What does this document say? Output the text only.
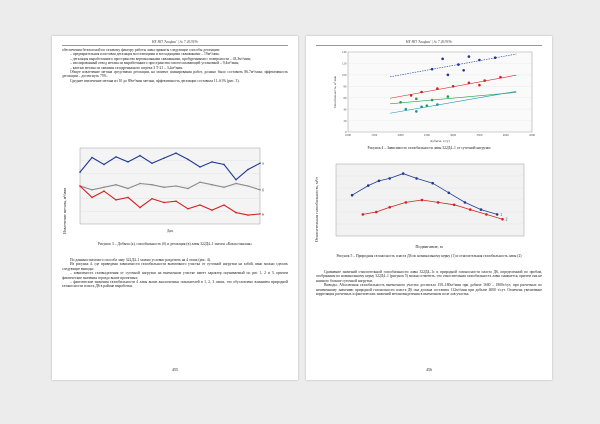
НХ НП 'Алифан' | № 7 2019/9с

обеспечения безопасной по газовому фактору работы лавы приняты следующие способы дегазации:

– предварительная пластовая дегазация восстающими и восходящими скважинами – 19м³/мин;

– дегазация выработанного пространства вертикальными скважинами, пробуренными с поверхности – 43,3м³/мин;

– изолированный отвод метана из выработанного пространства газоотсасывающей установкой – 9,4м³/мин;

– каптаж метана из скважин газодренажного штрека 3 Т-21 – 3,4м³/мин.

Общее извлечение метана средствами дегазации, на момент планирования работ, должно было составить 86,7м³/мин; эффективность дегазации – достигнуть 75%.

Среднее извлечение метана из 10 до 89м³/мин метана, эффективность дегазации составила 11–61% (рис. 3).

Извлечение метана, м³/мин
а
б
в
Дни
Рисунок 3 – Добыча (а), газообильность (б) и дегазация (в) лавы 322Д4–1 шахты «Казахстанская»

По данным шахтного способа лаву 322Д4–1 можно условно разделить на 4 этапа (рис. 4).

Из рисунка 4, где приведены зависимости газообильности выемочного участка от суточной нагрузки на забой, явно можно сделать следующие выводы:

– зависимость газовыделения от суточной нагрузки на выемочном участке имеет характер оцениваемый по рис 1, 2 и 3, причем фактические значения гораздо выше проектных;

– фактические значения газообильности 4 лавы выше аналогичных показателей в 1, 2, 3 лавах, что обусловлено влиянием природной газоносности пласта Д6 в районе выработки.

455
НХ НП 'Алифан' | № 7 2019/9с
0
20
40
60
80
100
120
140
1000	1500	2000	2500	3000	3500	4000	4500
Газообильность, м³/мин
Добыча, т/сут
Рисунок 4 – Зависимость газообильности лавы 322Д4–1 от суточной нагрузки
Относительная газообильность, м³/т	1
2
Подвигание, м
Рисунок 5 – Природная газоносность пласта Д6 по номинальному керну (1) и относительная газообильность лавы (2)

Сравнение значений относительной газообильности лавы 322Д4–1с и природной газоносности пласта Д6, определенной по пробам, отобранным по номинальному керну 322Д4–1 (рисунок 5) можно отметить, что относительная газообильность лавы снижается, причем она не намного больше суточной нагрузки.

Выводы. Абсолютная газообильность выемочного участка достигала 150–180м³/мин при добыче 1600 – 1800т/сут, при расчетных по неизменному значению природной газоносности пласта Д6 она должна составить 112м³/мин при добыче 4000 т/сут. Отмечена увеличение корреляции расчетных и фактических значений метановыделения в выемочном поле лав участка.

456
